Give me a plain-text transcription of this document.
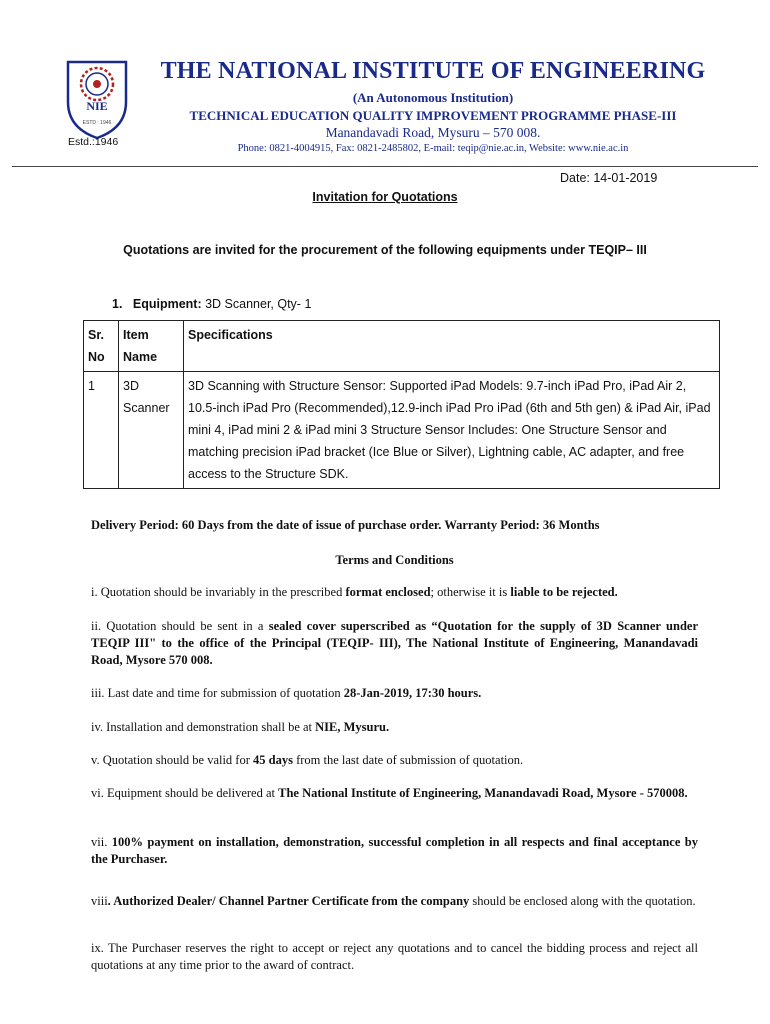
NIE
ESTD : 1946
Estd.:1946
THE NATIONAL INSTITUTE OF ENGINEERING
(An Autonomous Institution)
TECHNICAL EDUCATION QUALITY IMPROVEMENT PROGRAMME PHASE-III
Manandavadi Road, Mysuru – 570 008.
Phone: 0821-4004915, Fax: 0821-2485802, E-mail: teqip@nie.ac.in, Website: www.nie.ac.in
Date: 14-01-2019
Invitation for Quotations
Quotations are invited for the procurement of the following equipments under TEQIP– III
1. Equipment: 3D Scanner, Qty- 1
Sr. No	Item Name	Specifications
1	3D Scanner	3D Scanning with Structure Sensor: Supported iPad Models: 9.7-inch iPad Pro, iPad Air 2, 10.5-inch iPad Pro (Recommended),12.9-inch iPad Pro iPad (6th and 5th gen) & iPad Air, iPad mini 4, iPad mini 2 & iPad mini 3 Structure Sensor Includes: One Structure Sensor and matching precision iPad bracket (Ice Blue or Silver), Lightning cable, AC adapter, and free access to the Structure SDK.
Delivery Period: 60 Days from the date of issue of purchase order. Warranty Period: 36 Months
Terms and Conditions
i. Quotation should be invariably in the prescribed format enclosed; otherwise it is liable to be rejected.
ii. Quotation should be sent in a sealed cover superscribed as “Quotation for the supply of 3D Scanner under TEQIP III" to the office of the Principal (TEQIP- III), The National Institute of Engineering, Manandavadi Road, Mysore 570 008.
iii. Last date and time for submission of quotation 28-Jan-2019, 17:30 hours.
iv. Installation and demonstration shall be at NIE, Mysuru.
v. Quotation should be valid for 45 days from the last date of submission of quotation.
vi. Equipment should be delivered at The National Institute of Engineering, Manandavadi Road, Mysore - 570008.
vii. 100% payment on installation, demonstration, successful completion in all respects and final acceptance by the Purchaser.
viii. Authorized Dealer/ Channel Partner Certificate from the company should be enclosed along with the quotation.
ix. The Purchaser reserves the right to accept or reject any quotations and to cancel the bidding process and reject all quotations at any time prior to the award of contract.
